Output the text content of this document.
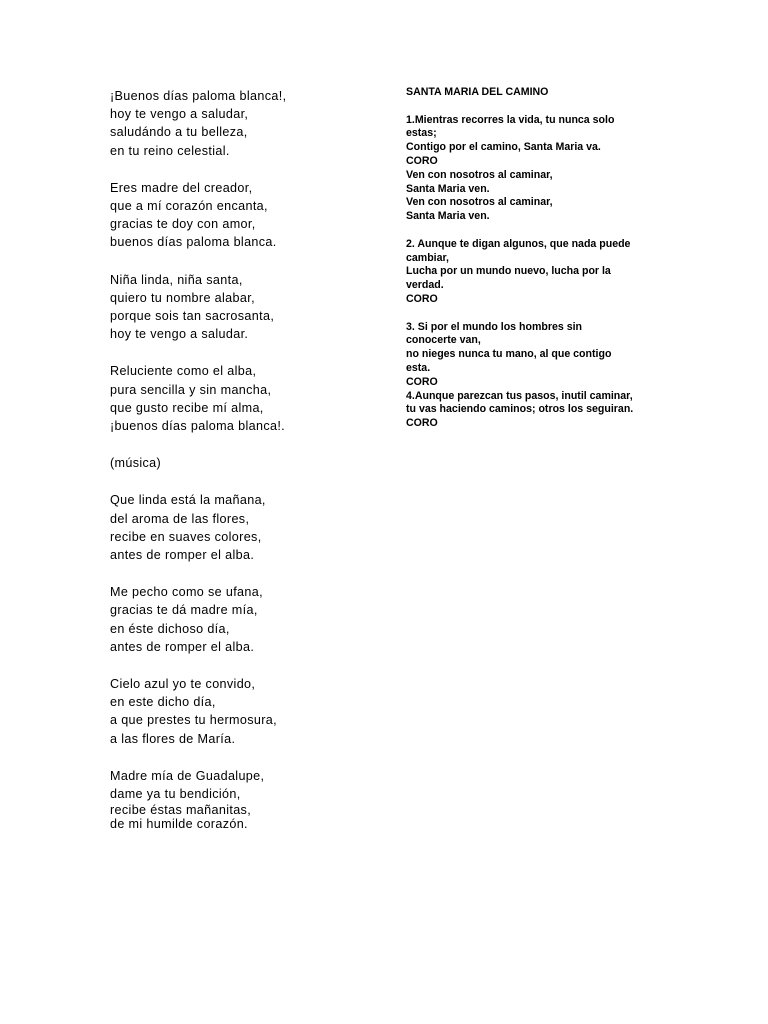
¡Buenos días paloma blanca!,
hoy te vengo a saludar,
saludándo a tu belleza,
en tu reino celestial.
Eres madre del creador,
que a mí corazón encanta,
gracias te doy con amor,
buenos días paloma blanca.
Niña linda, niña santa,
quiero tu nombre alabar,
porque sois tan sacrosanta,
hoy te vengo a saludar.
Reluciente como el alba,
pura sencilla y sin mancha,
que gusto recibe mí alma,
¡buenos días paloma blanca!.
(música)
Que linda está la mañana,
del aroma de las flores,
recibe en suaves colores,
antes de romper el alba.
Me pecho como se ufana,
gracias te dá madre mía,
en éste dichoso día,
antes de romper el alba.
Cielo azul yo te convido,
en este dicho día,
a que prestes tu hermosura,
a las flores de María.
Madre mía de Guadalupe,
dame ya tu bendición,
recibe éstas mañanitas,
de mi humilde corazón.
SANTA MARIA DEL CAMINO
1.Mientras recorres la vida, tu nunca solo
estas;
Contigo por el camino, Santa Maria va.
CORO
Ven con nosotros al caminar,
Santa Maria ven.
Ven con nosotros al caminar,
Santa Maria ven.
2. Aunque te digan algunos, que nada puede
cambiar,
Lucha por un mundo nuevo, lucha por la
verdad.
CORO
3. Si por el mundo los hombres sin
conocerte van,
no nieges nunca tu mano, al que contigo
esta.
CORO
4.Aunque parezcan tus pasos, inutil caminar,
tu vas haciendo caminos; otros los seguiran.
CORO
